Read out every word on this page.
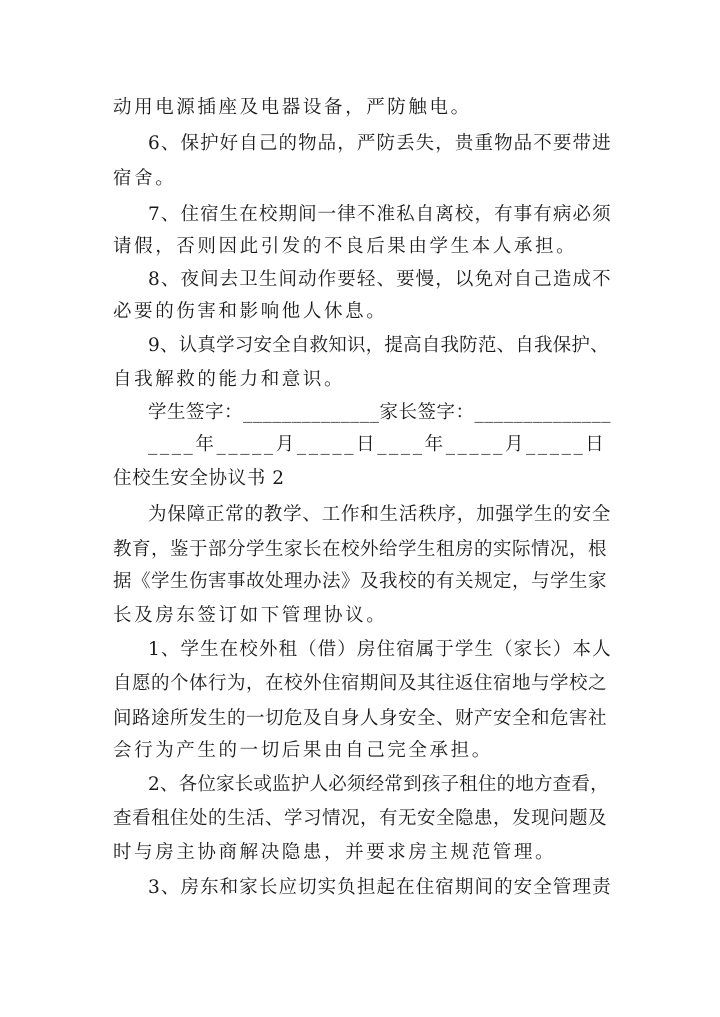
动用电源插座及电器设备，严防触电。
6、保护好自己的物品，严防丢失，贵重物品不要带进
宿舍。
7、住宿生在校期间一律不准私自离校，有事有病必须
请假，否则因此引发的不良后果由学生本人承担。
8、夜间去卫生间动作要轻、要慢，以免对自己造成不
必要的伤害和影响他人休息。
9、认真学习安全自救知识，提高自我防范、自我保护、
自我解救的能力和意识。
学生签字：______________家长签字：______________
____年_____月_____日____年_____月_____日
住校生安全协议书 2
为保障正常的教学、工作和生活秩序，加强学生的安全
教育，鉴于部分学生家长在校外给学生租房的实际情况，根
据《学生伤害事故处理办法》及我校的有关规定，与学生家
长及房东签订如下管理协议。
1、学生在校外租（借）房住宿属于学生（家长）本人
自愿的个体行为，在校外住宿期间及其往返住宿地与学校之
间路途所发生的一切危及自身人身安全、财产安全和危害社
会行为产生的一切后果由自己完全承担。
2、各位家长或监护人必须经常到孩子租住的地方查看，
查看租住处的生活、学习情况，有无安全隐患，发现问题及
时与房主协商解决隐患，并要求房主规范管理。
3、房东和家长应切实负担起在住宿期间的安全管理责
